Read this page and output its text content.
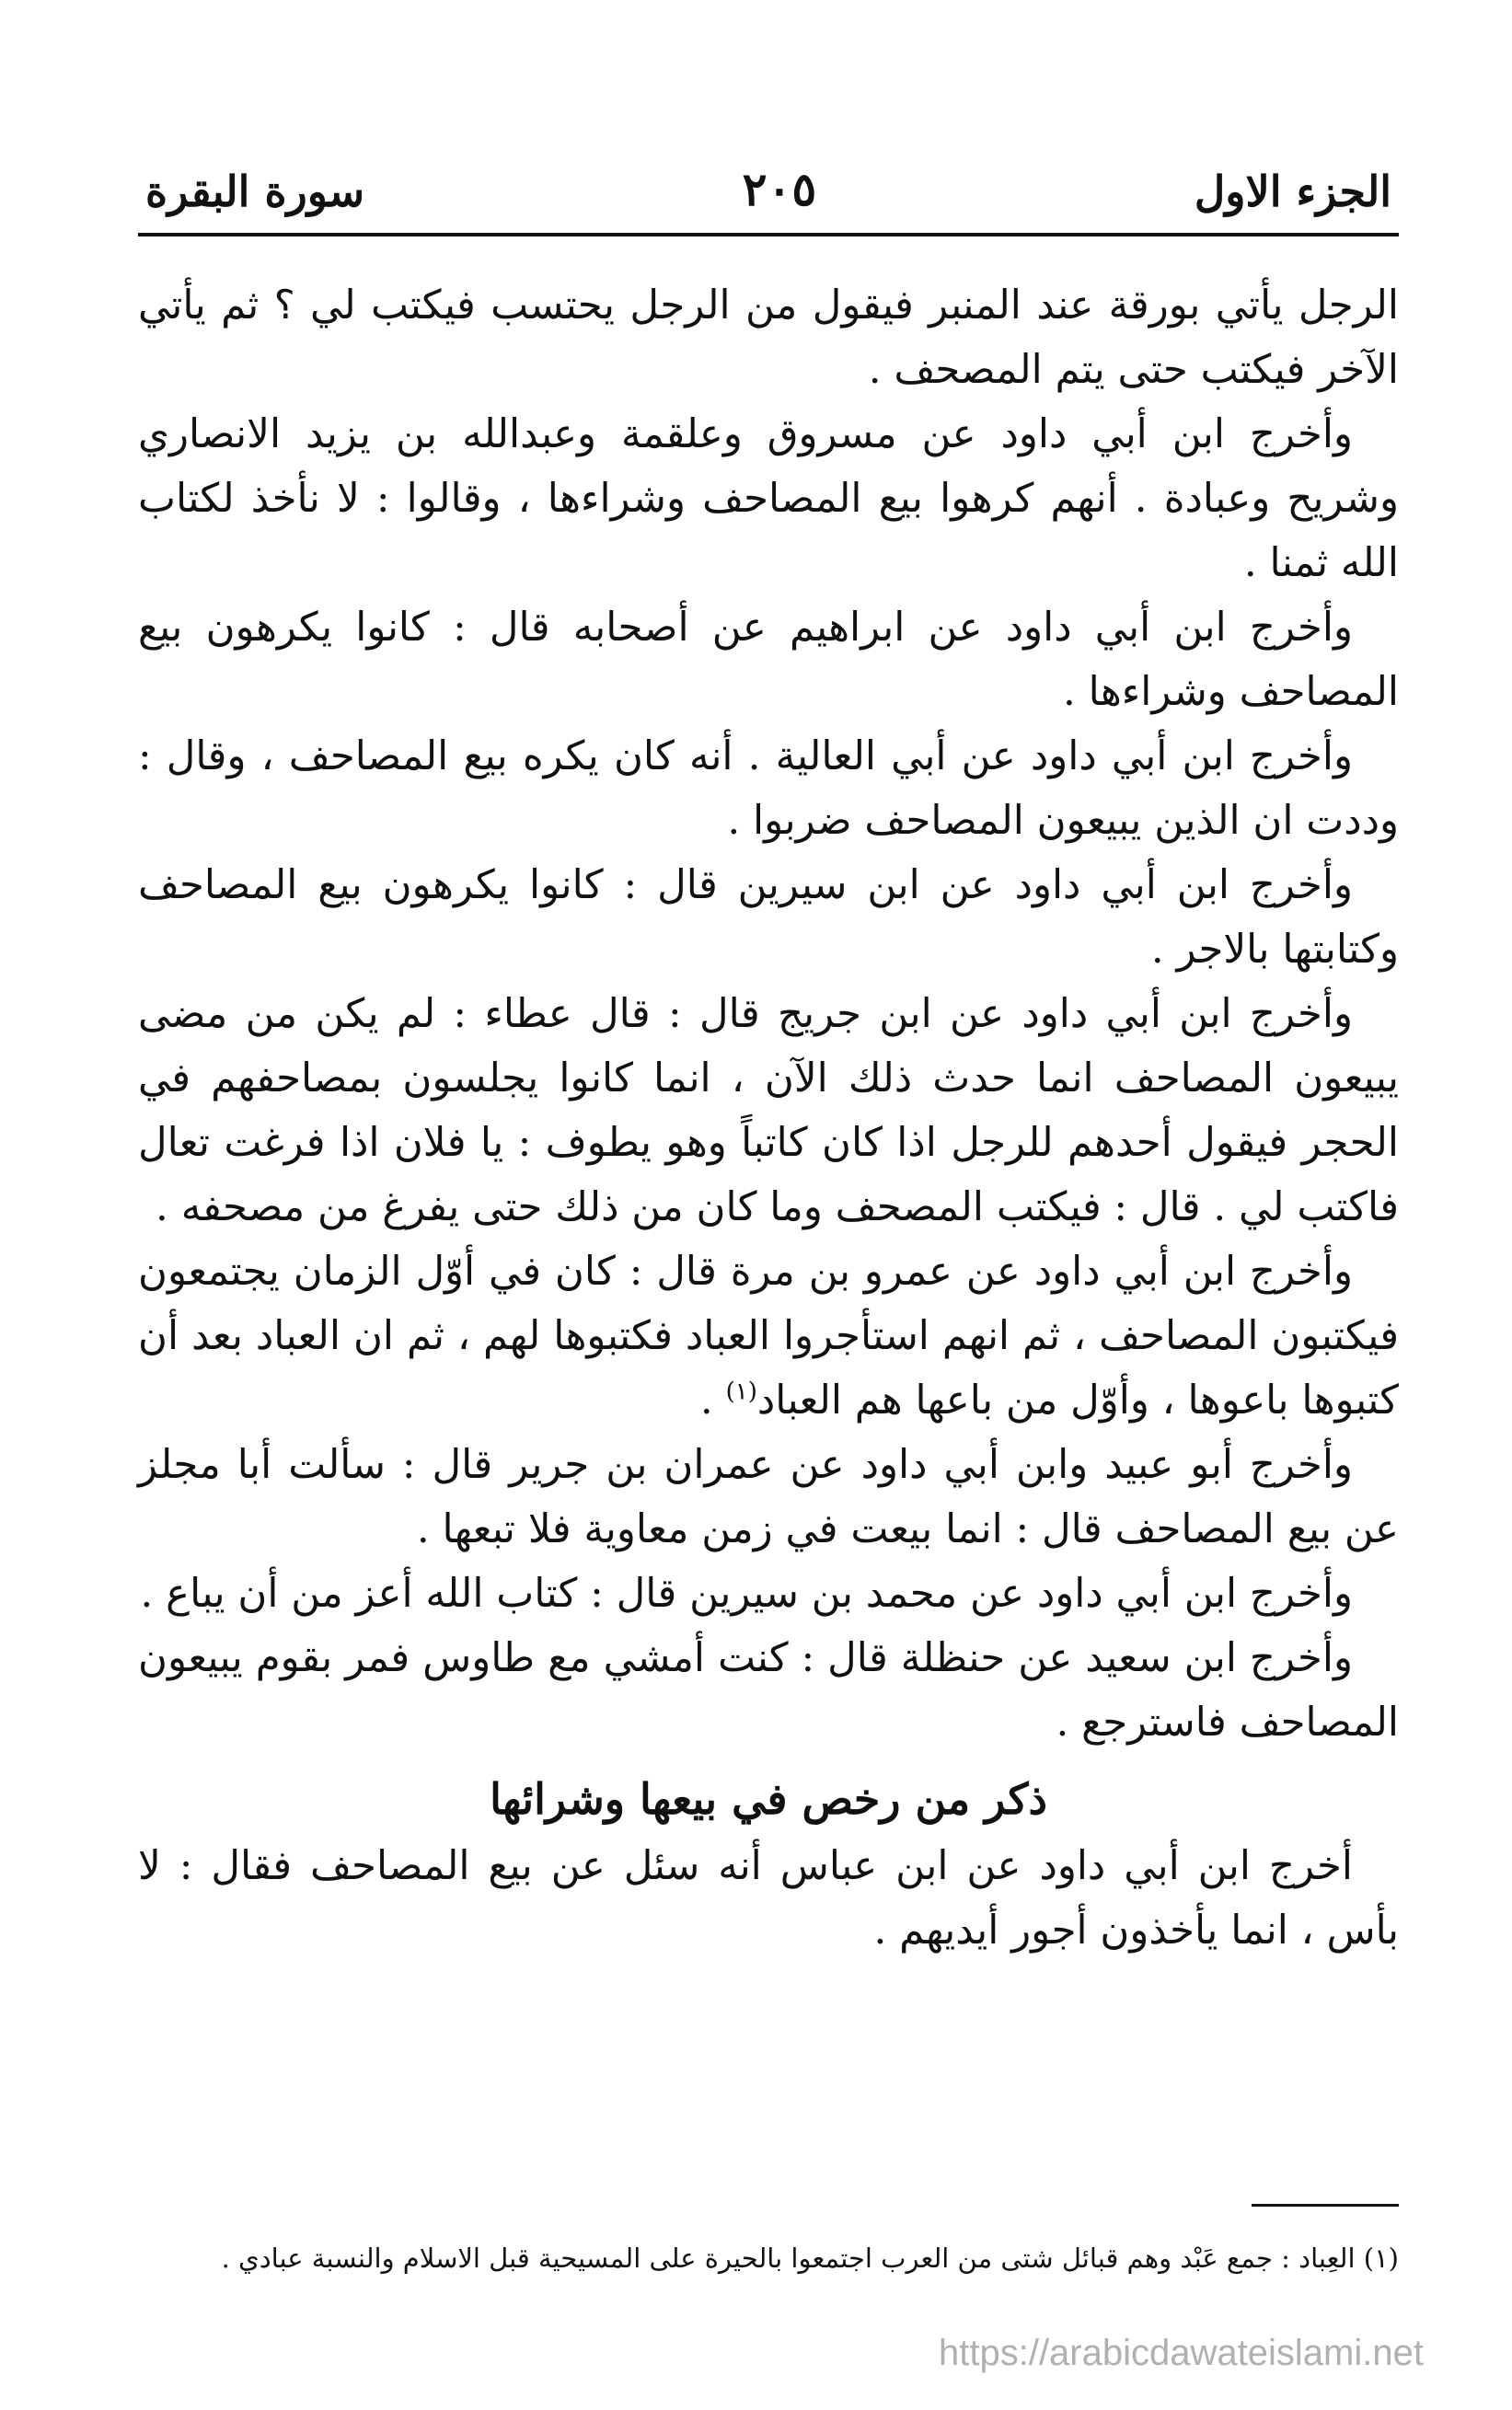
الجزء الاول
٢٠٥
سورة البقرة

الرجل يأتي بورقة عند المنبر فيقول من الرجل يحتسب فيكتب لي ؟ ثم يأتي الآخر فيكتب حتى يتم المصحف .

وأخرج ابن أبي داود عن مسروق وعلقمة وعبدالله بن يزيد الانصاري وشريح وعبادة . أنهم كرهوا بيع المصاحف وشراءها ، وقالوا : لا نأخذ لكتاب الله ثمنا .

وأخرج ابن أبي داود عن ابراهيم عن أصحابه قال : كانوا يكرهون بيع المصاحف وشراءها .

وأخرج ابن أبي داود عن أبي العالية . أنه كان يكره بيع المصاحف ، وقال : وددت ان الذين يبيعون المصاحف ضربوا .

وأخرج ابن أبي داود عن ابن سيرين قال : كانوا يكرهون بيع المصاحف وكتابتها بالاجر .

وأخرج ابن أبي داود عن ابن جريج قال : قال عطاء : لم يكن من مضى يبيعون المصاحف انما حدث ذلك الآن ، انما كانوا يجلسون بمصاحفهم في الحجر فيقول أحدهم للرجل اذا كان كاتباً وهو يطوف : يا فلان اذا فرغت تعال فاكتب لي . قال : فيكتب المصحف وما كان من ذلك حتى يفرغ من مصحفه .

وأخرج ابن أبي داود عن عمرو بن مرة قال : كان في أوّل الزمان يجتمعون فيكتبون المصاحف ، ثم انهم استأجروا العباد فكتبوها لهم ، ثم ان العباد بعد أن كتبوها باعوها ، وأوّل من باعها هم العباد$^{(١)}$ .

وأخرج أبو عبيد وابن أبي داود عن عمران بن جرير قال : سألت أبا مجلز عن بيع المصاحف قال : انما بيعت في زمن معاوية فلا تبعها .

وأخرج ابن أبي داود عن محمد بن سيرين قال : كتاب الله أعز من أن يباع .

وأخرج ابن سعيد عن حنظلة قال : كنت أمشي مع طاوس فمر بقوم يبيعون المصاحف فاسترجع .

ذكر من رخص في بيعها وشرائها

أخرج ابن أبي داود عن ابن عباس أنه سئل عن بيع المصاحف فقال : لا بأس ، انما يأخذون أجور أيديهم .

(١) العِباد : جمع عَبْد وهم قبائل شتى من العرب اجتمعوا بالحيرة على المسيحية قبل الاسلام والنسبة عبادي .
https://arabicdawateislami.net
